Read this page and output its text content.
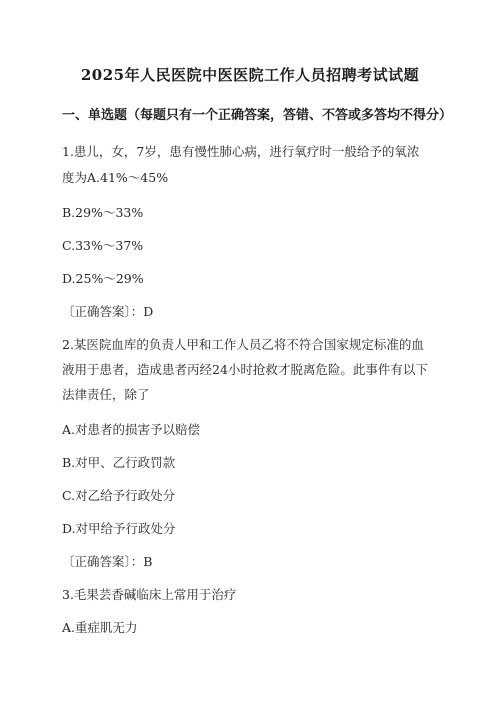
2025年人民医院中医医院工作人员招聘考试试题
一、单选题（每题只有一个正确答案，答错、不答或多答均不得分）
1.患儿，女，7岁，患有慢性肺心病，进行氧疗时一般给予的氧浓
度为A.41%～45%
B.29%～33%
C.33%～37%
D.25%～29%
〔正确答案〕：D
2.某医院血库的负责人甲和工作人员乙将不符合国家规定标准的血
液用于患者，造成患者丙经24小时抢救才脱离危险。此事件有以下
法律责任，除了
A.对患者的损害予以赔偿
B.对甲、乙行政罚款
C.对乙给予行政处分
D.对甲给予行政处分
〔正确答案〕：B
3.毛果芸香碱临床上常用于治疗
A.重症肌无力
